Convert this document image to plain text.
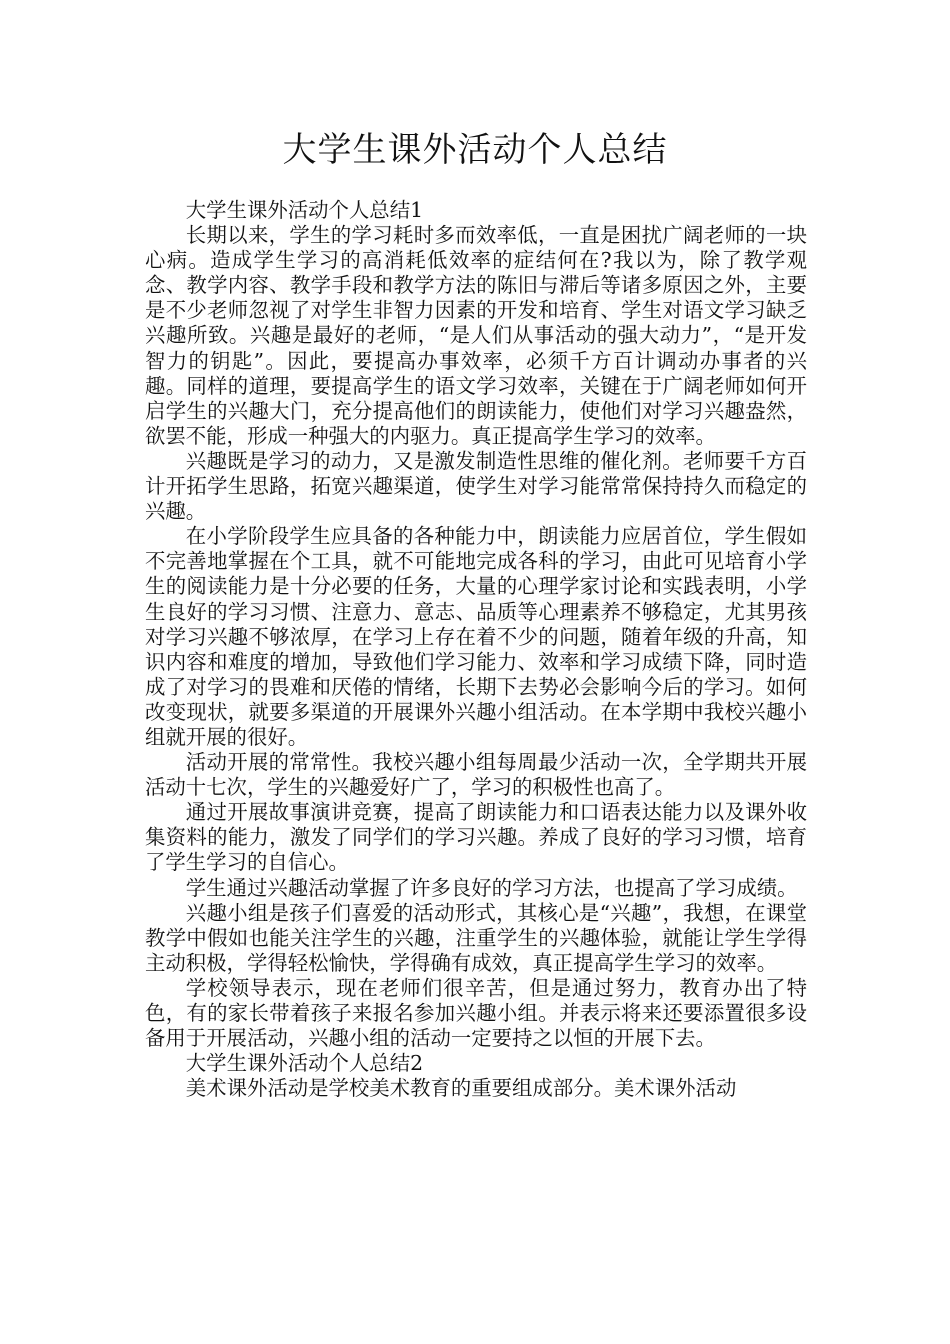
大学生课外活动个人总结

大学生课外活动个人总结1

长期以来，学生的学习耗时多而效率低，一直是困扰广阔老师的一块心病。造成学生学习的高消耗低效率的症结何在?我以为，除了教学观念、教学内容、教学手段和教学方法的陈旧与滞后等诸多原因之外，主要是不少老师忽视了对学生非智力因素的开发和培育、学生对语文学习缺乏兴趣所致。兴趣是最好的老师，“是人们从事活动的强大动力”，“是开发智力的钥匙”。因此，要提高办事效率，必须千方百计调动办事者的兴趣。同样的道理，要提高学生的语文学习效率，关键在于广阔老师如何开启学生的兴趣大门，充分提高他们的朗读能力，使他们对学习兴趣盎然，欲罢不能，形成一种强大的内驱力。真正提高学生学习的效率。

兴趣既是学习的动力，又是激发制造性思维的催化剂。老师要千方百计开拓学生思路，拓宽兴趣渠道，使学生对学习能常常保持持久而稳定的兴趣。

在小学阶段学生应具备的各种能力中，朗读能力应居首位，学生假如不完善地掌握在个工具，就不可能地完成各科的学习，由此可见培育小学生的阅读能力是十分必要的任务，大量的心理学家讨论和实践表明，小学生良好的学习习惯、注意力、意志、品质等心理素养不够稳定，尤其男孩对学习兴趣不够浓厚，在学习上存在着不少的问题，随着年级的升高，知识内容和难度的增加，导致他们学习能力、效率和学习成绩下降，同时造成了对学习的畏难和厌倦的情绪，长期下去势必会影响今后的学习。如何改变现状，就要多渠道的开展课外兴趣小组活动。在本学期中我校兴趣小组就开展的很好。

活动开展的常常性。我校兴趣小组每周最少活动一次，全学期共开展活动十七次，学生的兴趣爱好广了，学习的积极性也高了。

通过开展故事演讲竞赛，提高了朗读能力和口语表达能力以及课外收集资料的能力，激发了同学们的学习兴趣。养成了良好的学习习惯，培育了学生学习的自信心。

学生通过兴趣活动掌握了许多良好的学习方法，也提高了学习成绩。

兴趣小组是孩子们喜爱的活动形式，其核心是“兴趣”，我想，在课堂教学中假如也能关注学生的兴趣，注重学生的兴趣体验，就能让学生学得主动积极，学得轻松愉快，学得确有成效，真正提高学生学习的效率。

学校领导表示，现在老师们很辛苦，但是通过努力，教育办出了特色，有的家长带着孩子来报名参加兴趣小组。并表示将来还要添置很多设备用于开展活动，兴趣小组的活动一定要持之以恒的开展下去。

大学生课外活动个人总结2

美术课外活动是学校美术教育的重要组成部分。美术课外活动
